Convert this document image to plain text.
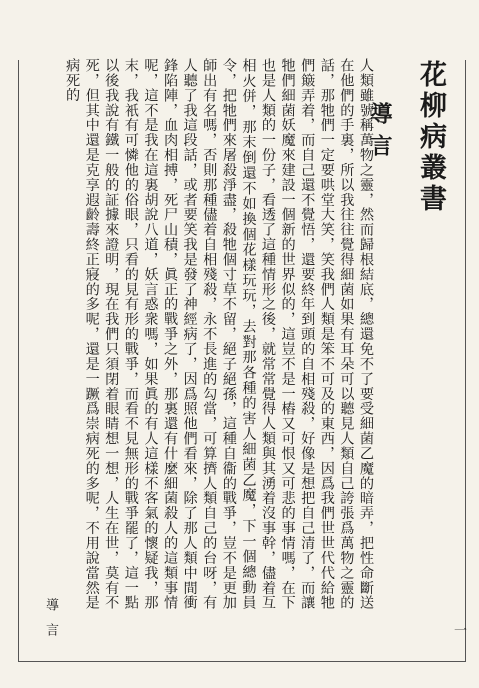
花柳病叢書
導言

人類雖號稱萬物之靈，然而歸根結底，總還免不了要受細菌乙魔的暗弄，把性命斷送在他們的手裏，所以我往往覺得細菌如果有耳朵可以聽見人類自己誇張爲萬物之靈的話，那牠們一定要哄堂大笑，笑我們人類是笨不可及的東西，因爲我們世世代代給牠們簸弄着，而自己還不覺悟，還要終年到頭的自相殘殺，好像是想把自己清了，而讓牠們細菌妖魔來建設一個新的世界似的，這豈不是一樁又可恨又可悲的事情嗎，在下也是人類的一份子，看透了這種情形之後，就常常覺得人類與其湧着沒事幹，儘着互相火併，那末倒還不如換個花樣玩玩，去對那各種的害人細菌乙魔，下一個總動員令，把牠們來屠殺淨盡，殺牠個寸草不留，絕子絕孫，這種自衞的戰爭，豈不是更加師出有名嗎，否則那種儘着自相殘殺，永不長進的勾當，可算擠人類自己的台呀，有人聽了我這段話，或者要笑我是發了神經病了，因爲照他們看來，除了那人類中間衝鋒陷陣，血肉相搏，死尸山積，眞正的戰爭之外，那裏還有什麼細菌殺人的這類事情呢，這不是我在這裏胡說八道，妖言惑衆嗎，如果眞的有人這樣不客氣的懷疑我，那末，我衹有可憐他的俗眼，只看的見有形的戰爭，而看不見無形的戰爭罷了，這一點以後我說有鐵一般的証據來證明，現在我們只須閉着眼睛想一想，人生在世，莫有不死，但其中還是克享遐齡壽終正寢的多呢，還是一蹶爲崇病死的多呢，不用說當然是病死的

導言	一
